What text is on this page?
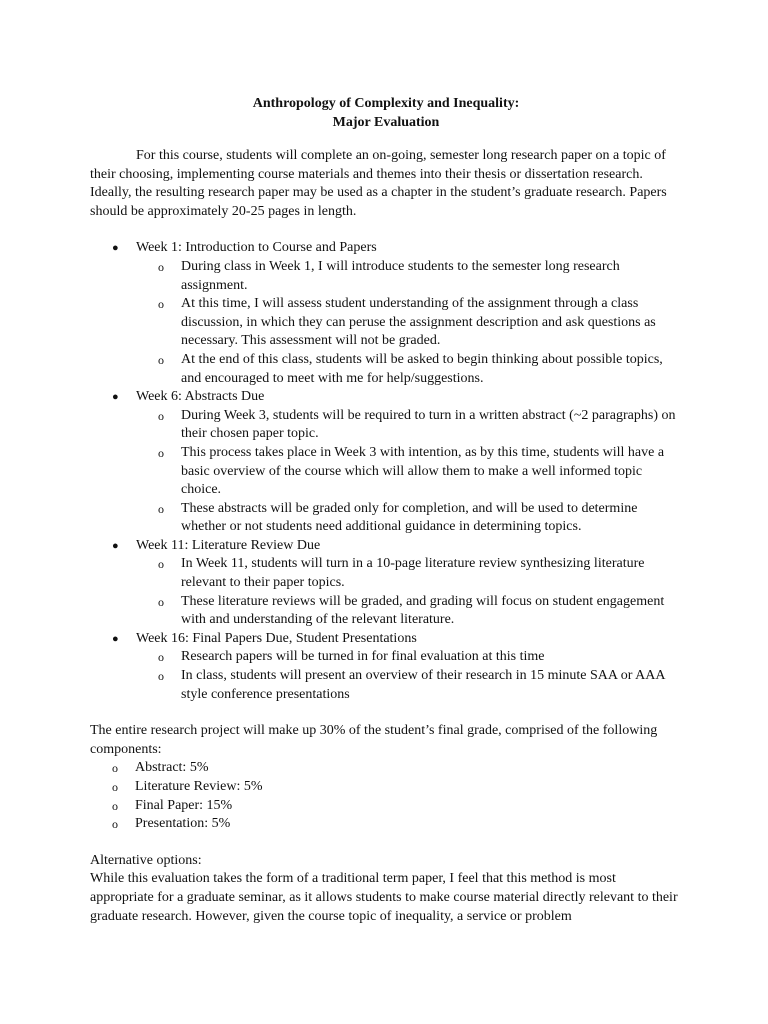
Anthropology of Complexity and Inequality:
Major Evaluation
For this course, students will complete an on-going, semester long research paper on a topic of their choosing, implementing course materials and themes into their thesis or dissertation research. Ideally, the resulting research paper may be used as a chapter in the student’s graduate research. Papers should be approximately 20-25 pages in length.
● Week 1: Introduction to Course and Papers
o During class in Week 1, I will introduce students to the semester long research assignment.
o At this time, I will assess student understanding of the assignment through a class discussion, in which they can peruse the assignment description and ask questions as necessary. This assessment will not be graded.
o At the end of this class, students will be asked to begin thinking about possible topics, and encouraged to meet with me for help/suggestions.
● Week 6: Abstracts Due
o During Week 3, students will be required to turn in a written abstract (~2 paragraphs) on their chosen paper topic.
o This process takes place in Week 3 with intention, as by this time, students will have a basic overview of the course which will allow them to make a well informed topic choice.
o These abstracts will be graded only for completion, and will be used to determine whether or not students need additional guidance in determining topics.
● Week 11: Literature Review Due
o In Week 11, students will turn in a 10-page literature review synthesizing literature relevant to their paper topics.
o These literature reviews will be graded, and grading will focus on student engagement with and understanding of the relevant literature.
● Week 16: Final Papers Due, Student Presentations
o Research papers will be turned in for final evaluation at this time
o In class, students will present an overview of their research in 15 minute SAA or AAA style conference presentations
The entire research project will make up 30% of the student’s final grade, comprised of the following components:
o Abstract: 5%
o Literature Review: 5%
o Final Paper: 15%
o Presentation: 5%
Alternative options:
While this evaluation takes the form of a traditional term paper, I feel that this method is most appropriate for a graduate seminar, as it allows students to make course material directly relevant to their graduate research. However, given the course topic of inequality, a service or problem
